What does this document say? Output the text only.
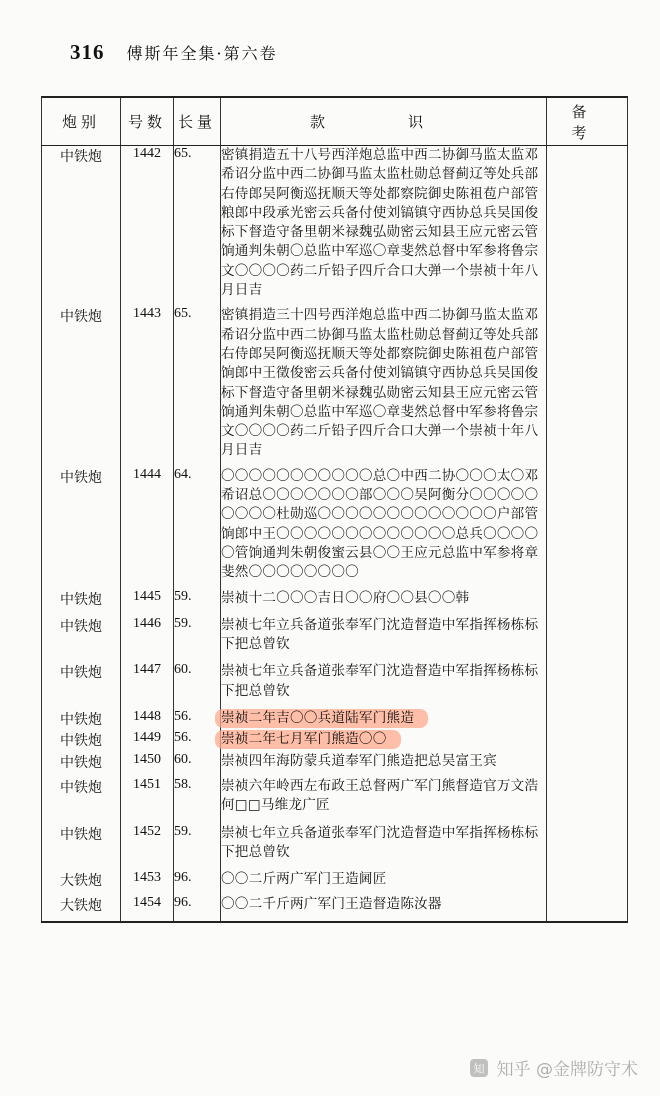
316 傅斯年全集·第六卷
炮别	号数	长量	款　识	备　考
中铁炮	1442	65.	密镇捐造五十八号西洋炮总监中西二协御马监太监邓希诏分监中西二协御马监太监杜勋总督蓟辽等处兵部右侍郎吴阿衡巡抚顺天等处都察院御史陈祖苞户部管粮郎中段承光密云兵备付使刘镐镇守西协总兵吴国俊标下督造守备里朝米禄魏弘勋密云知县王应元密云管饷通判朱朝〇总监中军巡〇章斐然总督中军参将鲁宗文〇〇〇〇药二斤铅子四斤合口大弹一个崇祯十年八月日吉	
中铁炮	1443	65.	密镇捐造三十四号西洋炮总监中西二协御马监太监邓希诏分监中西二协御马监太监杜勋总督蓟辽等处兵部右侍郎吴阿衡巡抚顺天等处都察院御史陈祖苞户部管饷郎中王徵俊密云兵备付使刘镐镇守西协总兵吴国俊标下督造守备里朝米禄魏弘勋密云知县王应元密云管饷通判朱朝〇总监中军巡〇章斐然总督中军参将鲁宗文〇〇〇〇药二斤铅子四斤合口大弹一个崇祯十年八月日吉	
中铁炮	1444	64.	〇〇〇〇〇〇〇〇〇〇〇总〇中西二协〇〇〇太〇邓希诏总〇〇〇〇〇〇〇部〇〇〇吴阿衡分〇〇〇〇〇〇〇〇〇杜勋巡〇〇〇〇〇〇〇〇〇〇〇〇〇户部管饷郎中王〇〇〇〇〇〇〇〇〇〇〇〇〇总兵〇〇〇〇〇管饷通判朱朝俊蜜云县〇〇王应元总监中军参将章斐然〇〇〇〇〇〇〇〇	
中铁炮	1445	59.	崇祯十二〇〇〇吉日〇〇府〇〇县〇〇韩	
中铁炮	1446	59.	崇祯七年立兵备道张奉军门沈造督造中军指挥杨栋标下把总曾钦	
中铁炮	1447	60.	崇祯七年立兵备道张奉军门沈造督造中军指挥杨栋标下把总曾钦	
中铁炮	1448	56.	崇祯二年吉〇〇兵道陆军门熊造	
中铁炮	1449	56.	崇祯二年七月军门熊造〇〇	
中铁炮	1450	60.	崇祯四年海防蒙兵道奉军门熊造把总吴富王宾	
中铁炮	1451	58.	崇祯六年岭西左布政王总督两广军门熊督造官万文浩何□□马维龙广匠	
中铁炮	1452	59.	崇祯七年立兵备道张奉军门沈造督造中军指挥杨栋标下把总曾钦	
大铁炮	1453	96.	〇〇二斤两广军门王造阃匠	
大铁炮	1454	96.	〇〇二千斤两广军门王造督造陈汝器	
知 知乎 @金牌防守术
